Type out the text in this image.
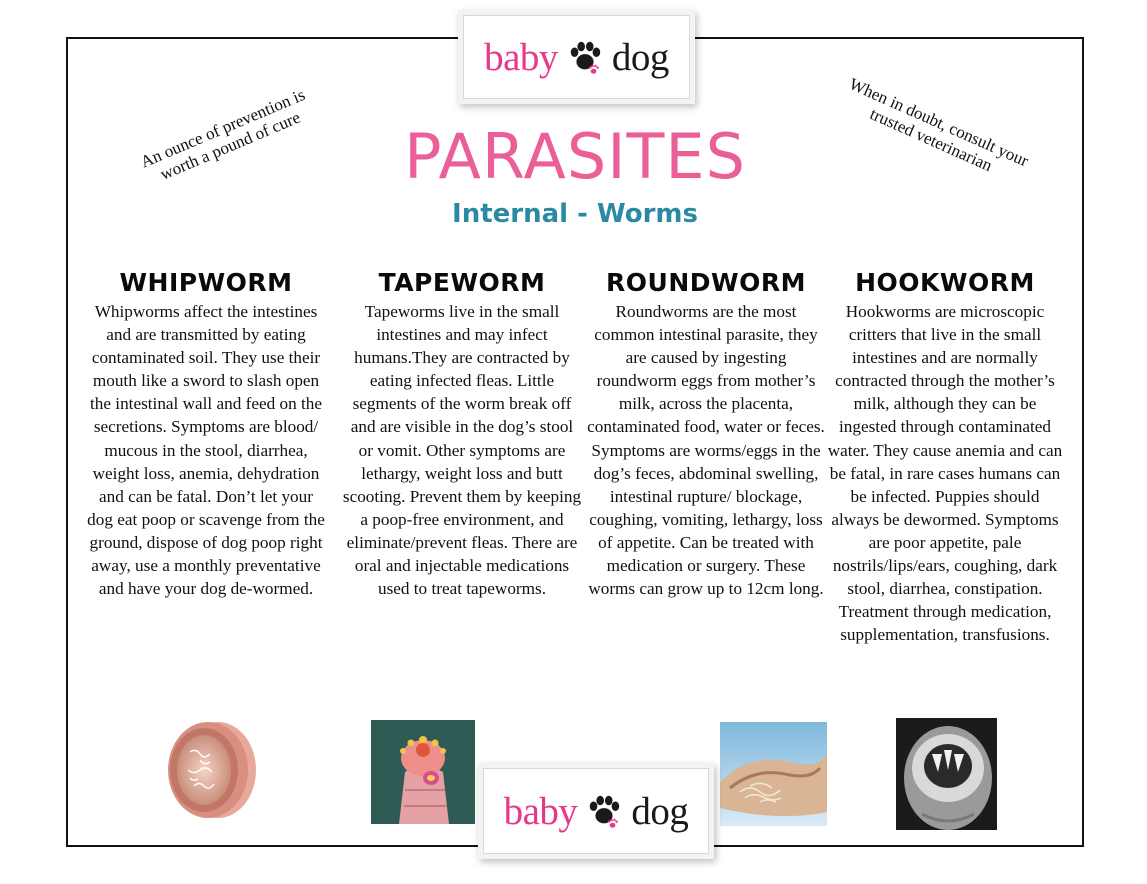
baby dog
An ounce of prevention is worth a pound of cure	When in doubt, consult your trusted veterinarian
PARASITES
Internal - Worms
WHIPWORM

Whipworms affect the intestines and are transmitted by eating contaminated soil. They use their mouth like a sword to slash open the intestinal wall and feed on the secretions. Symptoms are blood/ mucous in the stool, diarrhea, weight loss, anemia, dehydration and can be fatal. Don’t let your dog eat poop or scavenge from the ground, dispose of dog poop right away, use a monthly preventative and have your dog de-wormed.

TAPEWORM

Tapeworms live in the small intestines and may infect humans.They are contracted by eating infected fleas. Little segments of the worm break off and are visible in the dog’s stool or vomit. Other symptoms are lethargy, weight loss and butt scooting. Prevent them by keeping a poop-free environment, and eliminate/prevent fleas. There are oral and injectable medications used to treat tapeworms.

ROUNDWORM

Roundworms are the most common intestinal parasite, they are caused by ingesting roundworm eggs from mother’s milk, across the placenta, contaminated food, water or feces. Symptoms are worms/eggs in the dog’s feces, abdominal swelling, intestinal rupture/ blockage, coughing, vomiting, lethargy, loss of appetite. Can be treated with medication or surgery. These worms can grow up to 12cm long.

HOOKWORM

Hookworms are microscopic critters that live in the small intestines and are normally contracted through the mother’s milk, although they can be ingested through contaminated water. They cause anemia and can be fatal, in rare cases humans can be infected. Puppies should always be dewormed. Symptoms are poor appetite, pale nostrils/lips/ears, coughing, dark stool, diarrhea, constipation. Treatment through medication, supplementation, transfusions.

baby dog
